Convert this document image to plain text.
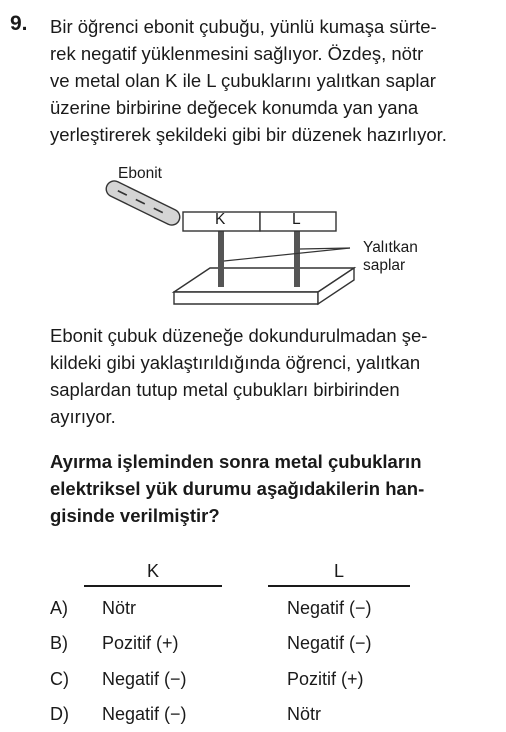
9. Bir öğrenci ebonit çubuğu, yünlü kumaşa sürte-
rek negatif yüklenmesini sağlıyor. Özdeş, nötr
ve metal olan K ile L çubuklarını yalıtkan saplar
üzerine birbirine değecek konumda yan yana
yerleştirerek şekildeki gibi bir düzenek hazırlıyor.
Ebonit
K	L
Yalıtkan
saplar
Ebonit çubuk düzeneğe dokundurulmadan şe-
kildeki gibi yaklaştırıldığında öğrenci, yalıtkan
saplardan tutup metal çubukları birbirinden
ayırıyor.
Ayırma işleminden sonra metal çubukların
elektriksel yük durumu aşağıdakilerin han-
gisinde verilmiştir?
K	L
A) Nötr	Negatif (−)
B) Pozitif (+)	Negatif (−)
C) Negatif (−)	Pozitif (+)
D) Negatif (−)	Nötr
